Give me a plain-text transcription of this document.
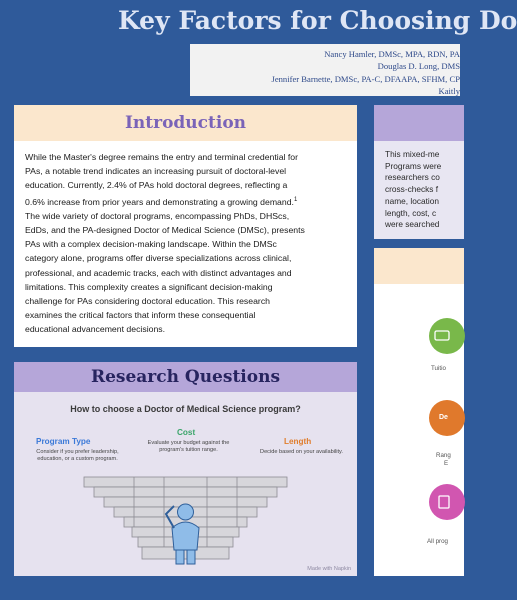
Key Factors for Choosing Do
Nancy Hamler, DMSc, MPA, RDN, PA
Douglas D. Long, DMS
Jennifer Barnette, DMSc, PA-C, DFAAPA, SFHM, CP
Kaitly
Introduction
While the Master's degree remains the entry and terminal credential for
PAs, a notable trend indicates an increasing pursuit of doctoral-level
education. Currently, 2.4% of PAs hold doctoral degrees, reflecting a
0.6% increase from prior years and demonstrating a growing demand.$^1$
The wide variety of doctoral programs, encompassing PhDs, DHScs,
EdDs, and the PA-designed Doctor of Medical Science (DMSc), presents
PAs with a complex decision-making landscape. Within the DMSc
category alone, programs offer diverse specializations across clinical,
professional, and academic tracks, each with distinct advantages and
limitations. This complexity creates a significant decision-making
challenge for PAs considering doctoral education. This research
examines the critical factors that inform these consequential
educational advancement decisions.
Research Questions
How to choose a Doctor of Medical Science program?
Program Type
Consider if you prefer leadership, education, or a custom program.
Cost
Evaluate your budget against the program's tuition range.
Length
Decide based on your availability.
Made with Napkin
This mixed-me
Programs were
researchers co
cross-checks f
name, location
length, cost, c
were searched
Tuitio
De
Rang
E
All prog
